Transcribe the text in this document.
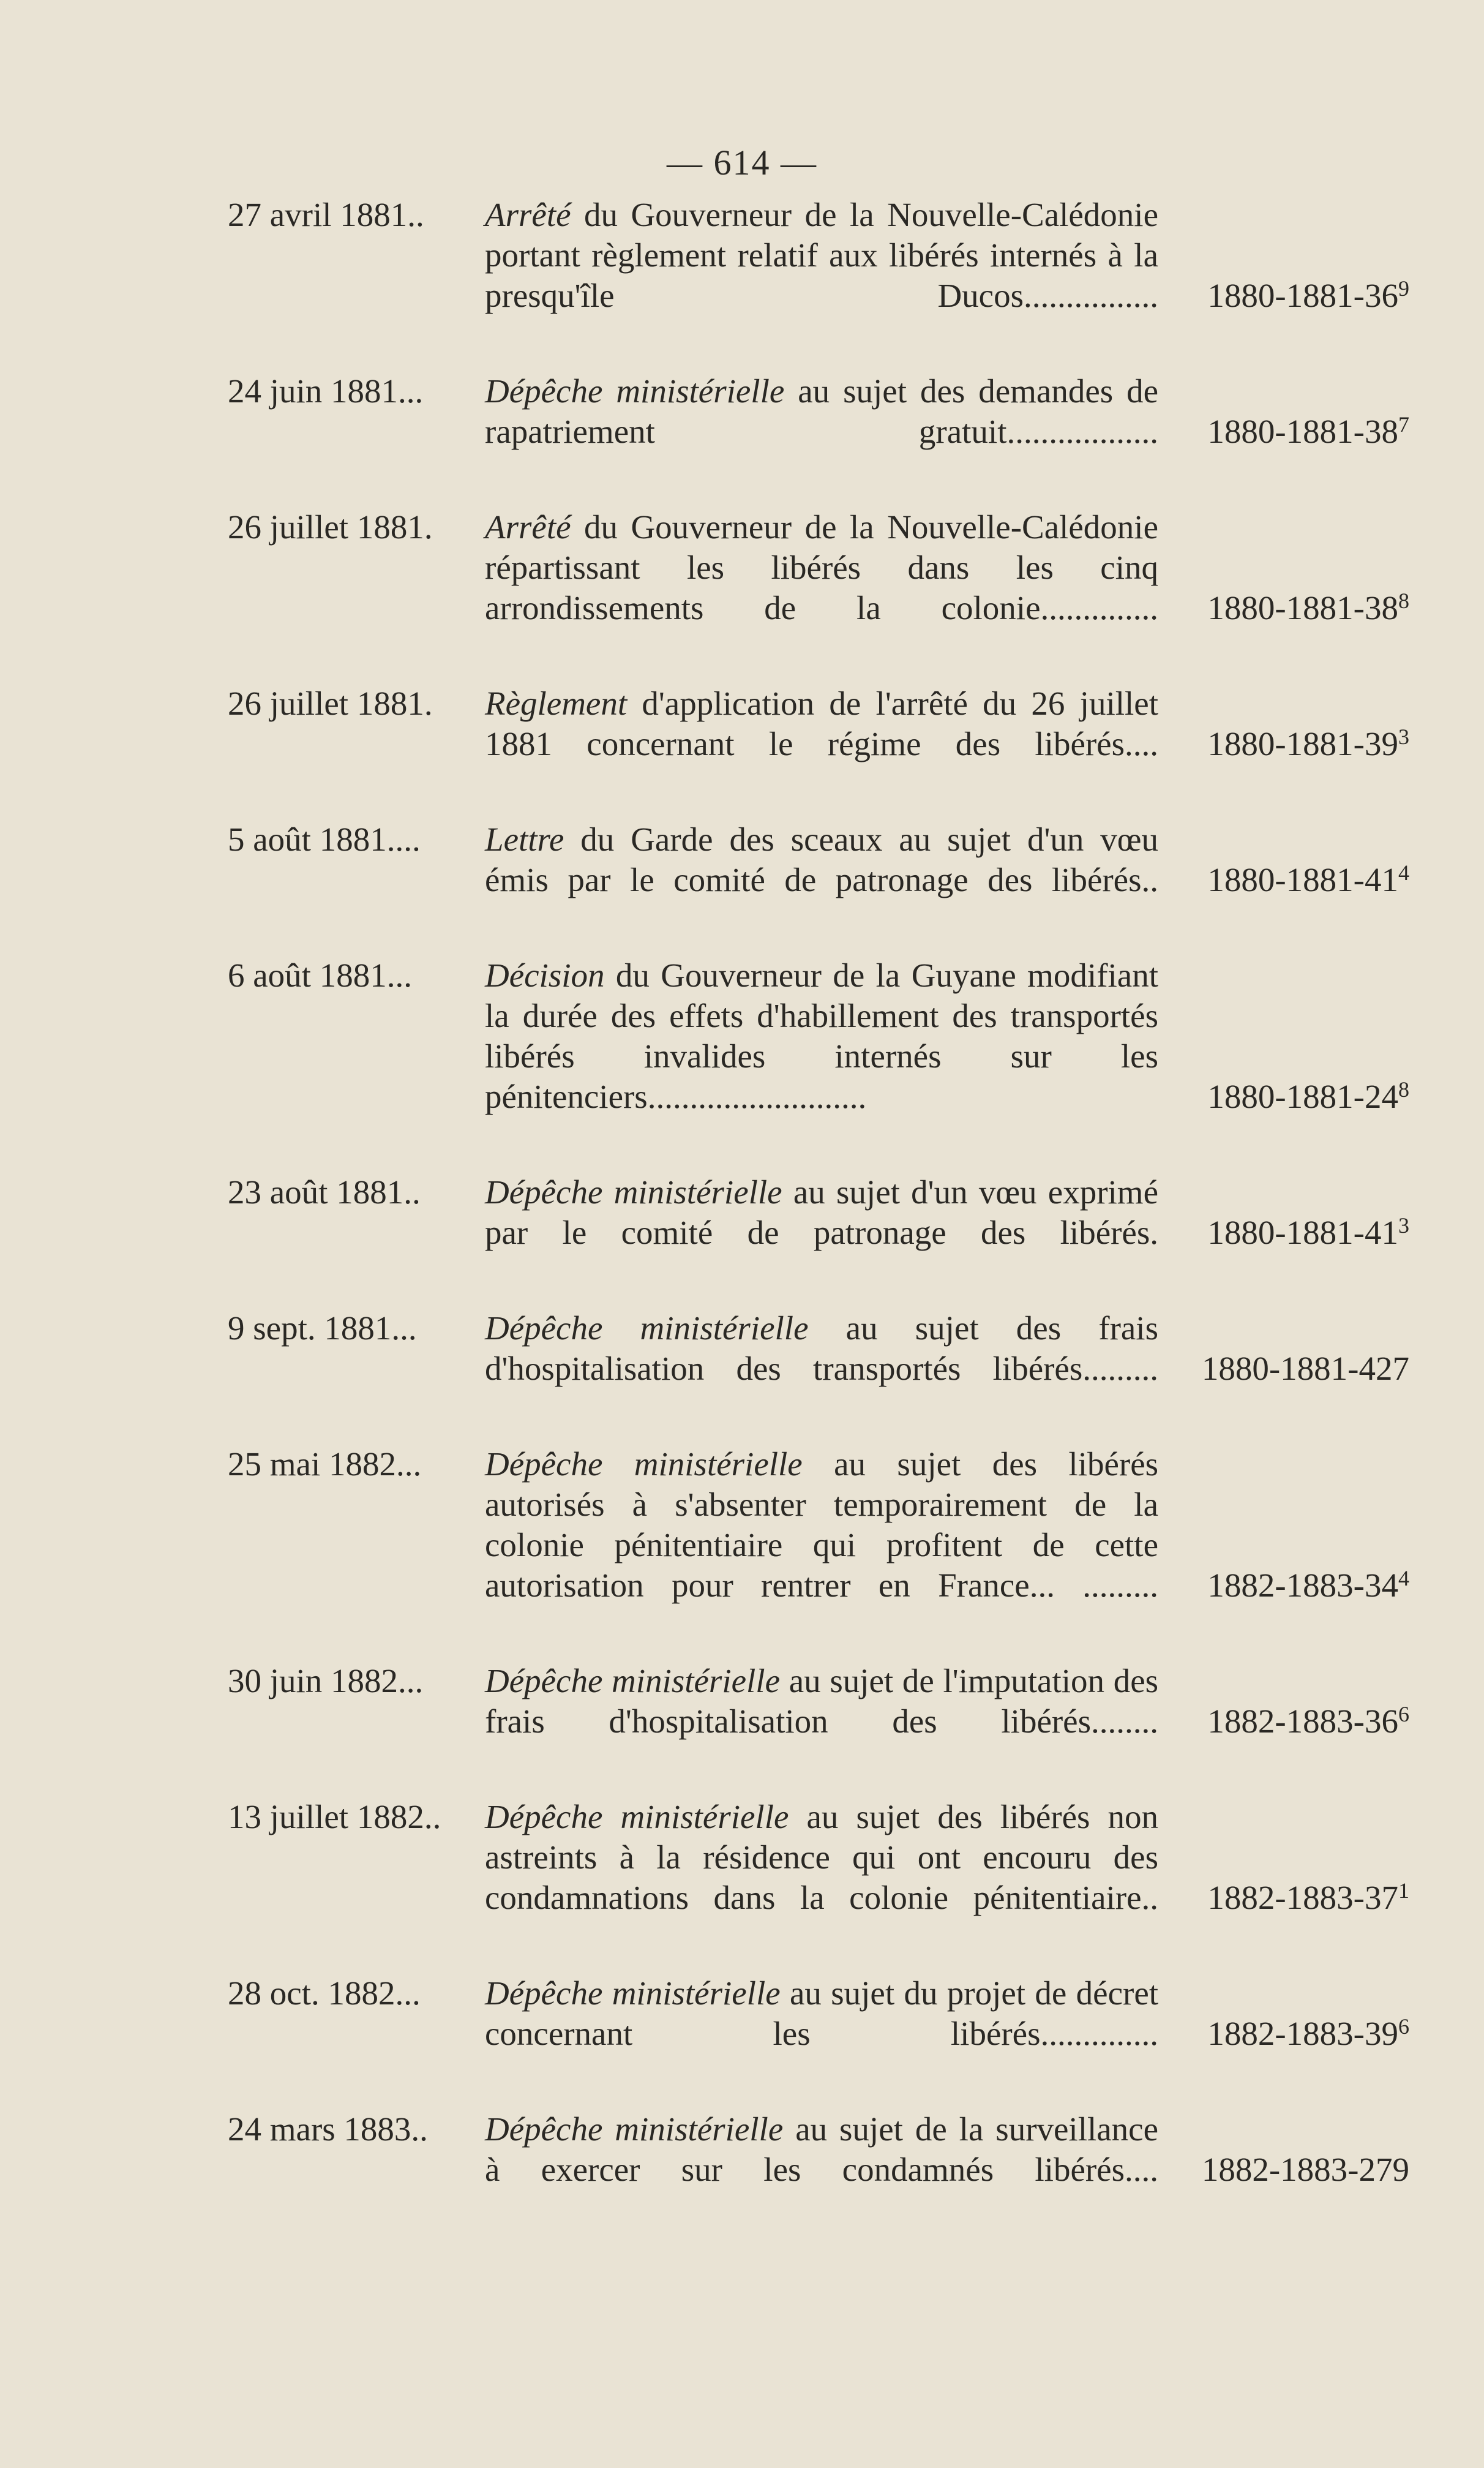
— 614 —
27 avril 1881..	Arrêté du Gouverneur de la Nouvelle-Calédonie portant règlement relatif aux libérés internés à la presqu'île Ducos................	$1880-1881-36^9$
24 juin 1881...	Dépêche ministérielle au sujet des demandes de rapatriement gratuit..................	$1880-1881-38^7$
26 juillet 1881.	Arrêté du Gouverneur de la Nouvelle-Calédonie répartissant les libérés dans les cinq arrondissements de la colonie..............	$1880-1881-38^8$
26 juillet 1881.	Règlement d'application de l'arrêté du 26 juillet 1881 concernant le régime des libérés....	$1880-1881-39^3$
5 août 1881....	Lettre du Garde des sceaux au sujet d'un vœu émis par le comité de patronage des libérés..	$1880-1881-41^4$
6 août 1881...	Décision du Gouverneur de la Guyane modifiant la durée des effets d'habillement des transportés libérés invalides internés sur les pénitenciers..........................	$1880-1881-24^8$
23 août 1881..	Dépêche ministérielle au sujet d'un vœu exprimé par le comité de patronage des libérés.	$1880-1881-41^3$
9 sept. 1881...	Dépêche ministérielle au sujet des frais d'hospitalisation des transportés libérés.........	1880-1881-427
25 mai 1882...	Dépêche ministérielle au sujet des libérés autorisés à s'absenter temporairement de la colonie pénitentiaire qui profitent de cette autorisation pour rentrer en France... .........	$1882-1883-34^4$
30 juin 1882...	Dépêche ministérielle au sujet de l'imputation des frais d'hospitalisation des libérés........	$1882-1883-36^6$
13 juillet 1882..	Dépêche ministérielle au sujet des libérés non astreints à la résidence qui ont encouru des condamnations dans la colonie pénitentiaire..	$1882-1883-37^1$
28 oct. 1882...	Dépêche ministérielle au sujet du projet de décret concernant les libérés..............	$1882-1883-39^6$
24 mars 1883..	Dépêche ministérielle au sujet de la surveillance à exercer sur les condamnés libérés....	1882-1883-279
